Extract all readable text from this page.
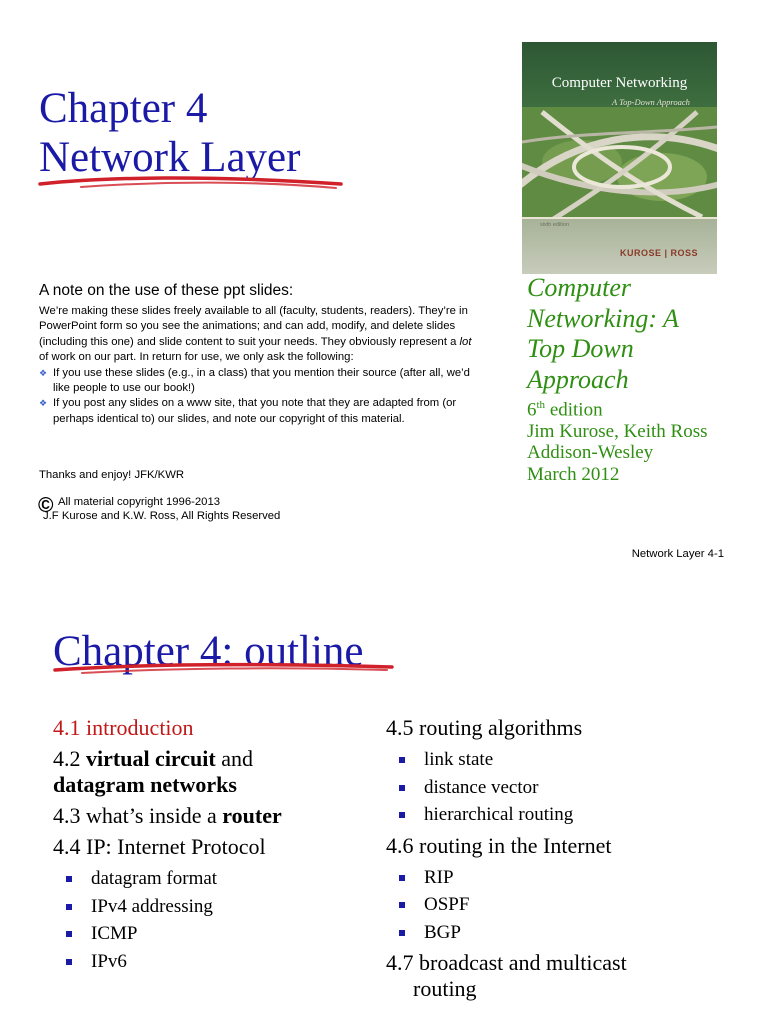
Chapter 4
Network Layer
Computer Networking
A Top-Down Approach
sixth edition
KUROSE | ROSS
A note on the use of these ppt slides:

We’re making these slides freely available to all (faculty, students, readers). They’re in PowerPoint form so you see the animations; and can add, modify, and delete slides (including this one) and slide content to suit your needs. They obviously represent a lot of work on our part. In return for use, we only ask the following:

❖ If you use these slides (e.g., in a class) that you mention their source (after all, we’d like people to use our book!)

❖ If you post any slides on a www site, that you note that they are adapted from (or perhaps identical to) our slides, and note our copyright of this material.

Thanks and enjoy! JFK/KWR
© All material copyright 1996-2013
J.F Kurose and K.W. Ross, All Rights Reserved
Computer
Networking: A
Top Down
Approach
6th edition
Jim Kurose, Keith Ross
Addison-Wesley
March 2012
Network Layer 4-1
Chapter 4: outline
4.1 introduction
4.2 virtual circuit and
datagram networks
4.3 what’s inside a router
4.4 IP: Internet Protocol
datagram format
IPv4 addressing
ICMP
IPv6
4.5 routing algorithms
link state
distance vector
hierarchical routing
4.6 routing in the Internet
RIP
OSPF
BGP
4.7 broadcast and multicast
routing
